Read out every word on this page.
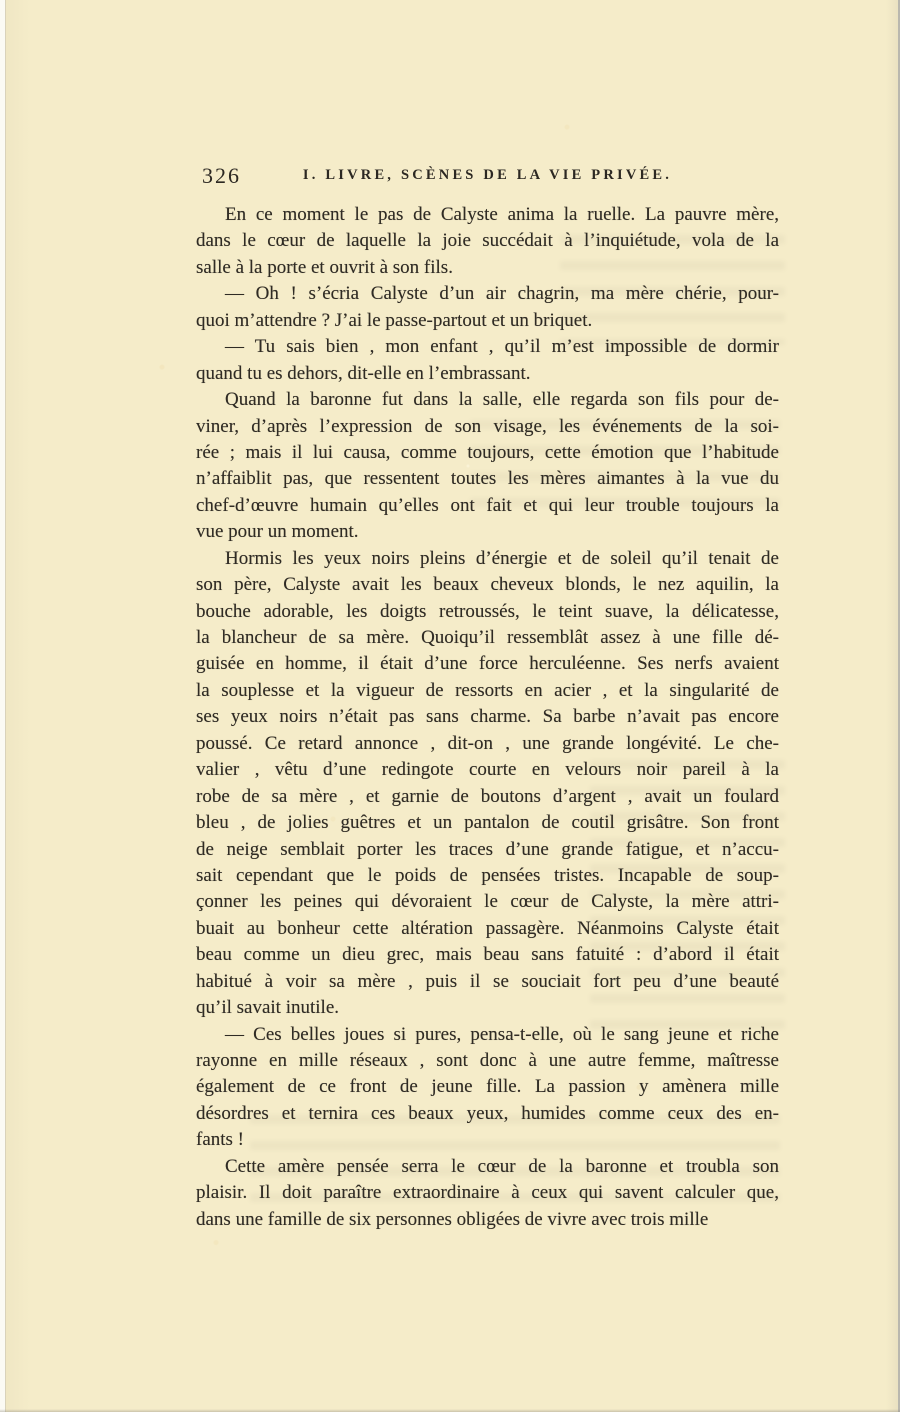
326	I. LIVRE, SCÈNES DE LA VIE PRIVÉE.
En ce moment le pas de Calyste anima la ruelle. La pauvre mère,
dans le cœur de laquelle la joie succédait à l’inquiétude, vola de la
salle à la porte et ouvrit à son fils.
— Oh ! s’écria Calyste d’un air chagrin, ma mère chérie, pour-
quoi m’attendre ? J’ai le passe-partout et un briquet.
— Tu sais bien , mon enfant , qu’il m’est impossible de dormir
quand tu es dehors, dit-elle en l’embrassant.
Quand la baronne fut dans la salle, elle regarda son fils pour de-
viner, d’après l’expression de son visage, les événements de la soi-
rée ; mais il lui causa, comme toujours, cette émotion que l’habitude
n’affaiblit pas, que ressentent toutes les mères aimantes à la vue du
chef-d’œuvre humain qu’elles ont fait et qui leur trouble toujours la
vue pour un moment.
Hormis les yeux noirs pleins d’énergie et de soleil qu’il tenait de
son père, Calyste avait les beaux cheveux blonds, le nez aquilin, la
bouche adorable, les doigts retroussés, le teint suave, la délicatesse,
la blancheur de sa mère. Quoiqu’il ressemblât assez à une fille dé-
guisée en homme, il était d’une force herculéenne. Ses nerfs avaient
la souplesse et la vigueur de ressorts en acier , et la singularité de
ses yeux noirs n’était pas sans charme. Sa barbe n’avait pas encore
poussé. Ce retard annonce , dit-on , une grande longévité. Le che-
valier , vêtu d’une redingote courte en velours noir pareil à la
robe de sa mère , et garnie de boutons d’argent , avait un foulard
bleu , de jolies guêtres et un pantalon de coutil grisâtre. Son front
de neige semblait porter les traces d’une grande fatigue, et n’accu-
sait cependant que le poids de pensées tristes. Incapable de soup-
çonner les peines qui dévoraient le cœur de Calyste, la mère attri-
buait au bonheur cette altération passagère. Néanmoins Calyste était
beau comme un dieu grec, mais beau sans fatuité : d’abord il était
habitué à voir sa mère , puis il se souciait fort peu d’une beauté
qu’il savait inutile.
— Ces belles joues si pures, pensa-t-elle, où le sang jeune et riche
rayonne en mille réseaux , sont donc à une autre femme, maîtresse
également de ce front de jeune fille. La passion y amènera mille
désordres et ternira ces beaux yeux, humides comme ceux des en-
fants !
Cette amère pensée serra le cœur de la baronne et troubla son
plaisir. Il doit paraître extraordinaire à ceux qui savent calculer que,
dans une famille de six personnes obligées de vivre avec trois mille
